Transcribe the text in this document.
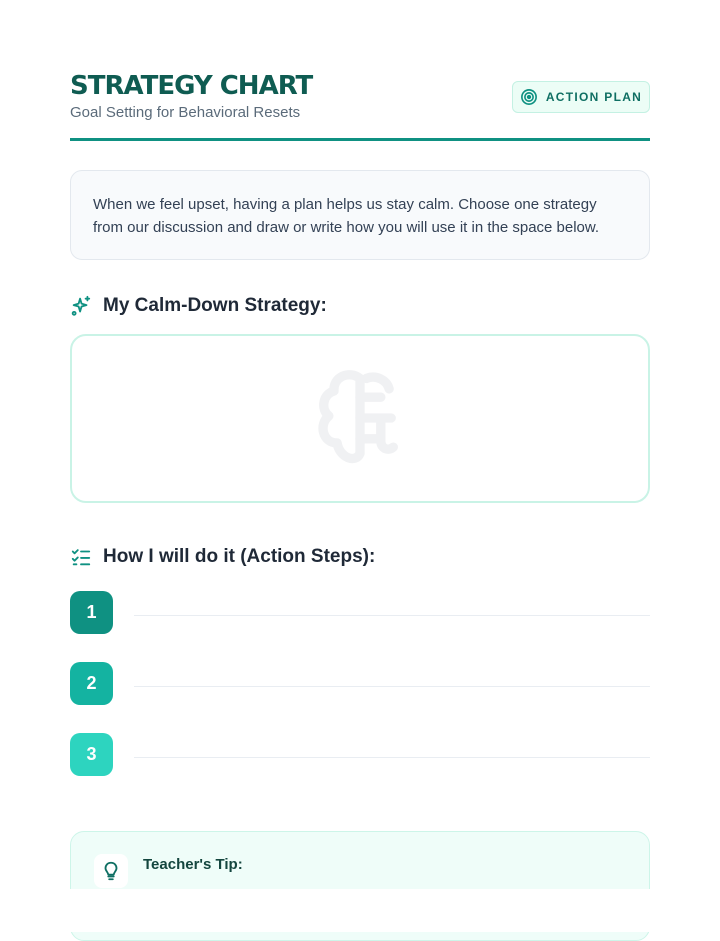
STRATEGY CHART
Goal Setting for Behavioral Resets
ACTION PLAN
When we feel upset, having a plan helps us stay calm. Choose one strategy from our discussion and draw or write how you will use it in the space below.
My Calm-Down Strategy:
How I will do it (Action Steps):
1
2
3
Teacher's Tip:
